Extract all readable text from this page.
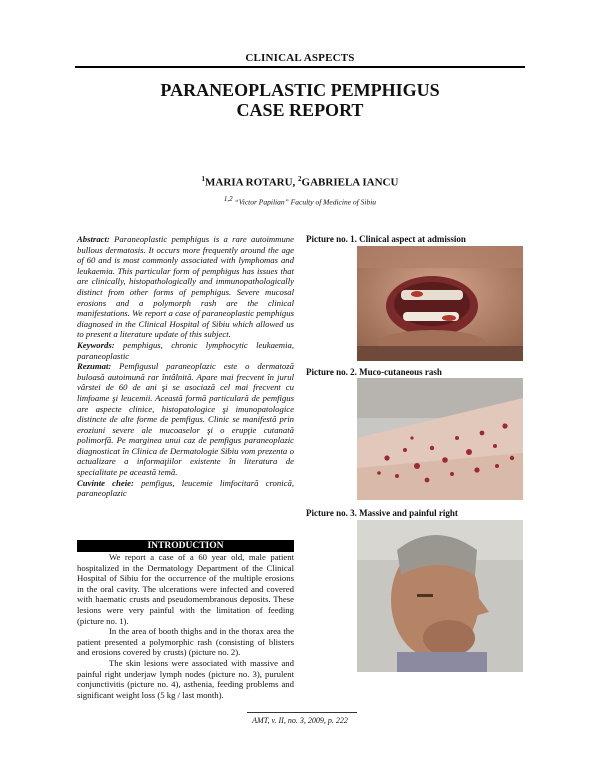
CLINICAL ASPECTS
PARANEOPLASTIC PEMPHIGUS
CASE REPORT
$^1$MARIA ROTARU, $^2$GABRIELA IANCU
$^{1,2}$ “Victor Papilian” Faculty of Medicine of Sibiu

Abstract: Paraneoplastic pemphigus is a rare autoimmune bullous dermatosis. It occurs more frequently around the age of 60 and is most commonly associated with lymphomas and leukaemia. This particular form of pemphigus has issues that are clinically, histopathologically and immunopathologically distinct from other forms of pemphigus. Severe mucosal erosions and a polymorph rash are the clinical manifestations. We report a case of paraneoplastic pemphigus diagnosed in the Clinical Hospital of Sibiu which allowed us to present a literature update of this subject.

Keywords: pemphigus, chronic lymphocytic leukaemia, paraneoplastic

Rezumat: Pemfigusul paraneoplazic este o dermatoză buloasă autoimună rar întâlnită. Apare mai frecvent în jurul vârstei de 60 de ani şi se asociază cel mai frecvent cu limfoame şi leucemii. Această formă particulară de pemfigus are aspecte clinice, histopatologice şi imunopatologice distincte de alte forme de pemfigus. Clinic se manifestă prin eroziuni severe ale mucoaselor şi o erupţie cutanată polimorfă. Pe marginea unui caz de pemfigus paraneoplazic diagnosticat în Clinica de Dermatologie Sibiu vom prezenta o actualizare a informaţiilor existente în literatura de specialitate pe această temă.

Cuvinte cheie: pemfigus, leucemie limfocitară cronică, paraneoplazic

INTRODUCTION

We report a case of a 60 year old, male patient hospitalized in the Dermatology Department of the Clinical Hospital of Sibiu for the occurrence of the multiple erosions in the oral cavity. The ulcerations were infected and covered with haematic crusts and pseudomembranous deposits. These lesions were very painful with the limitation of feeding (picture no. 1).

In the area of booth thighs and in the thorax area the patient presented a polymorphic rash (consisting of blisters and erosions covered by crusts) (picture no. 2).

The skin lesions were associated with massive and painful right underjaw lymph nodes (picture no. 3), purulent conjunctivitis (picture no. 4), asthenia, feeding problems and significant weight loss (5 kg / last month).

Picture no. 1. Clinical aspect at admission
Picture no. 2. Muco-cutaneous rash
Picture no. 3. Massive and painful right
AMT, v. II, no. 3, 2009, p. 222
